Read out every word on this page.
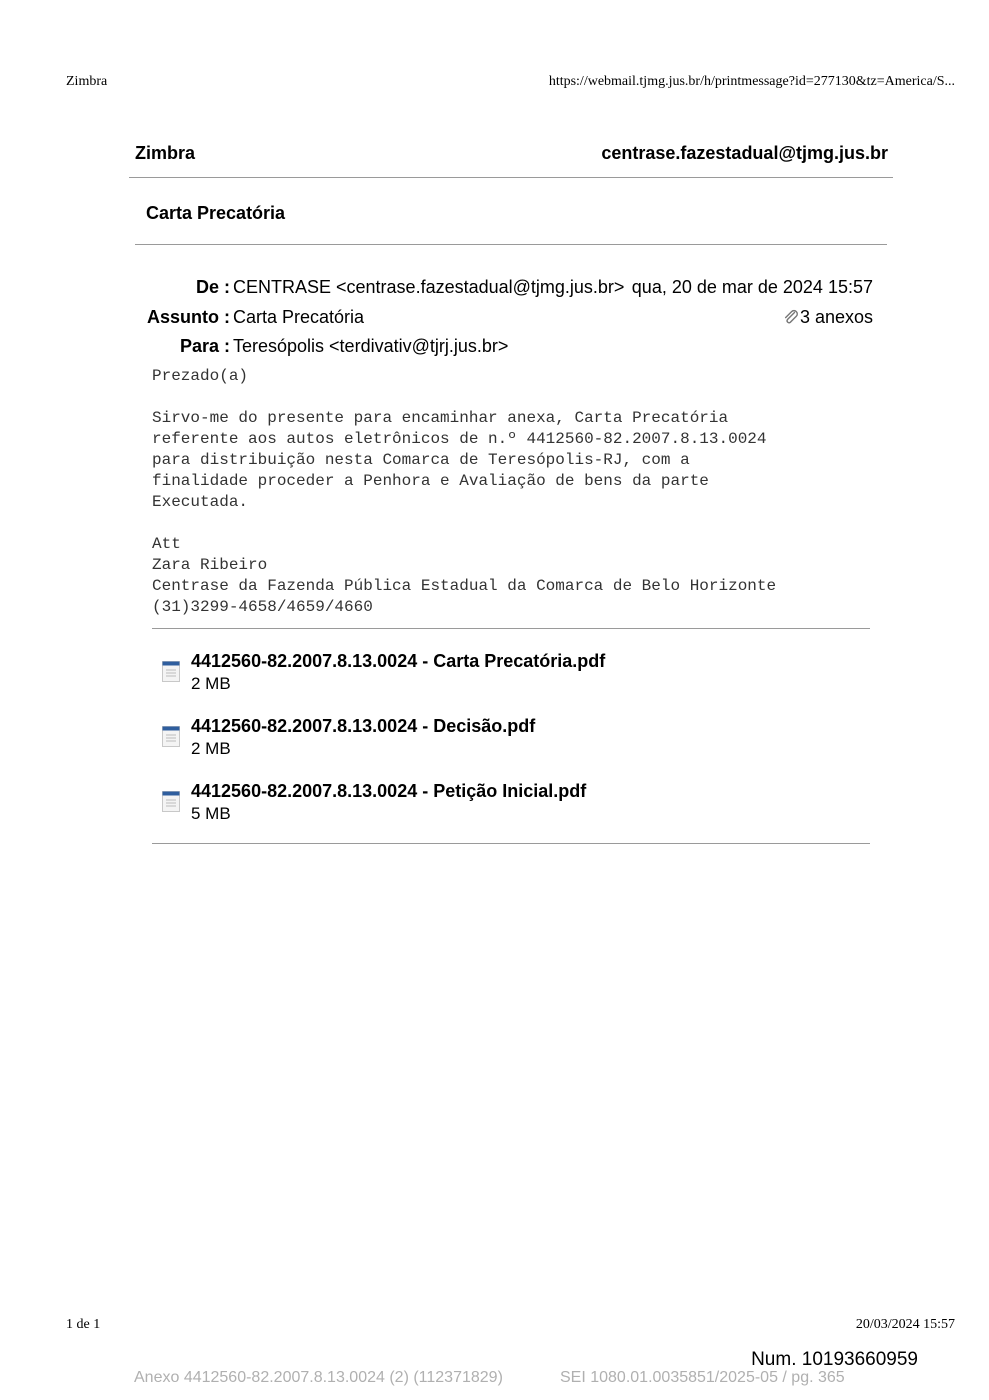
Zimbra	https://webmail.tjmg.jus.br/h/printmessage?id=277130&tz=America/S...
Zimbra	centrase.fazestadual@tjmg.jus.br
Carta Precatória
De : CENTRASE <centrase.fazestadual@tjmg.jus.br> qua, 20 de mar de 2024 15:57
Assunto : Carta Precatória	3 anexos
Para : Teresópolis <terdivativ@tjrj.jus.br>
Prezado(a)

Sirvo-me do presente para encaminhar anexa, Carta Precatória
referente aos autos eletrônicos de n.º 4412560-82.2007.8.13.0024
para distribuição nesta Comarca de Teresópolis-RJ, com a
finalidade proceder a Penhora e Avaliação de bens da parte
Executada.

Att
Zara Ribeiro
Centrase da Fazenda Pública Estadual da Comarca de Belo Horizonte
(31)3299-4658/4659/4660
4412560-82.2007.8.13.0024 - Carta Precatória.pdf
2 MB
4412560-82.2007.8.13.0024 - Decisão.pdf
2 MB
4412560-82.2007.8.13.0024 - Petição Inicial.pdf
5 MB
1 de 1	20/03/2024 15:57
Num. 10193660959
Anexo 4412560-82.2007.8.13.0024 (2) (112371829)	SEI 1080.01.0035851/2025-05 / pg. 365
